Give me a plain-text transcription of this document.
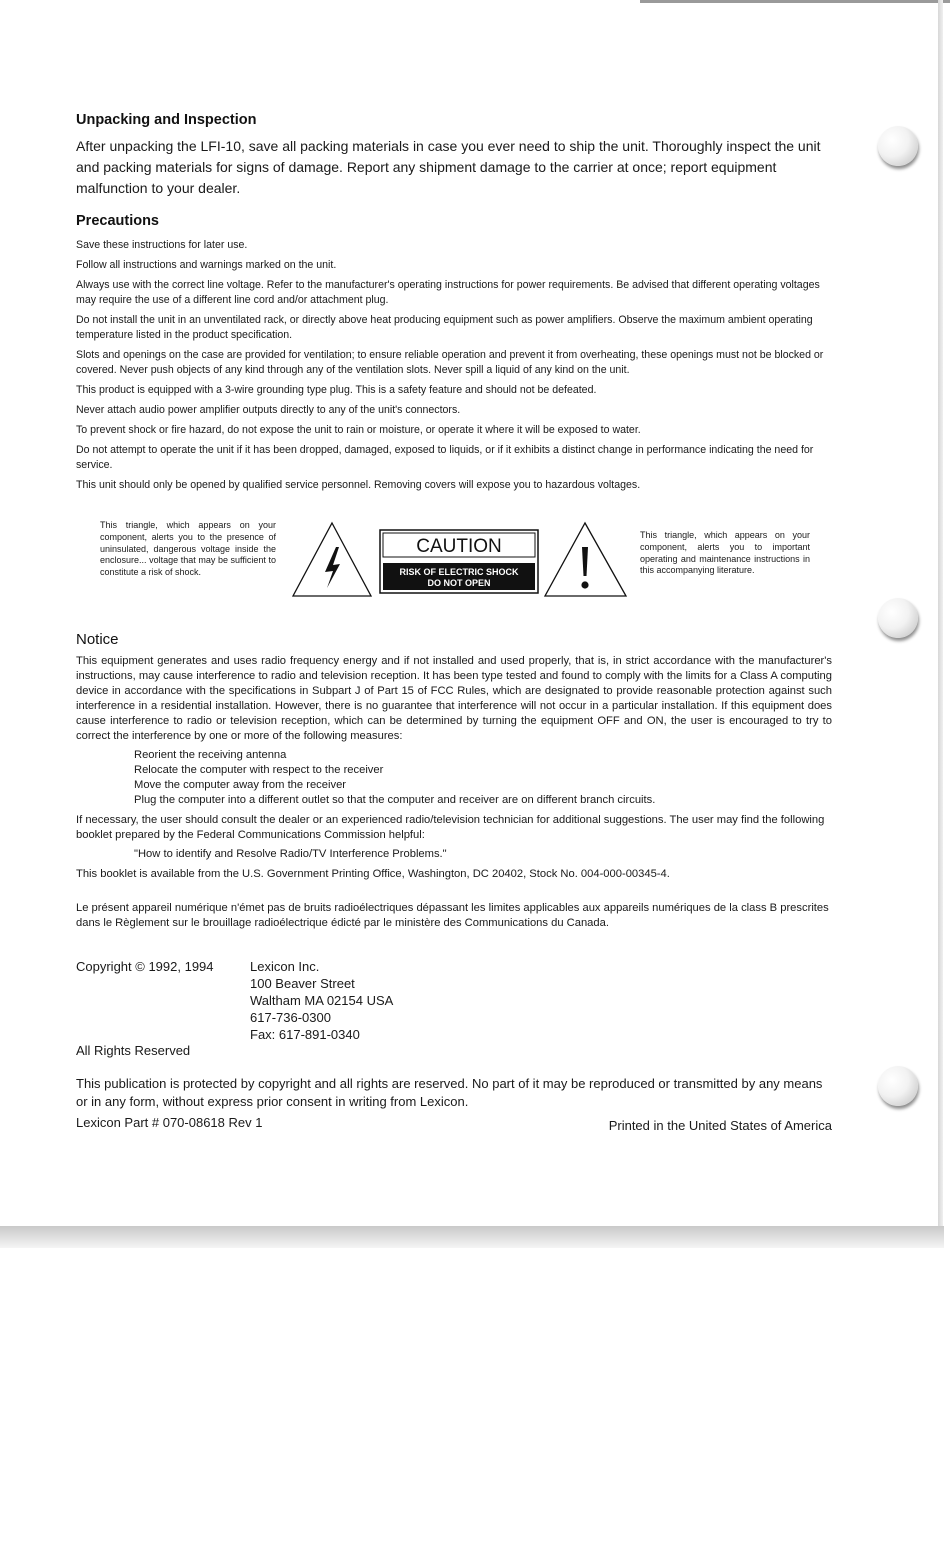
Unpacking and Inspection
After unpacking the LFI-10, save all packing materials in case you ever need to ship the unit. Thoroughly inspect the unit and packing materials for signs of damage. Report any shipment damage to the carrier at once; report equipment malfunction to your dealer.
Precautions
Save these instructions for later use.
Follow all instructions and warnings marked on the unit.
Always use with the correct line voltage. Refer to the manufacturer's operating instructions for power requirements. Be advised that different operating voltages may require the use of a different line cord and/or attachment plug.
Do not install the unit in an unventilated rack, or directly above heat producing equipment such as power amplifiers. Observe the maximum ambient operating temperature listed in the product specification.
Slots and openings on the case are provided for ventilation; to ensure reliable operation and prevent it from overheating, these openings must not be blocked or covered. Never push objects of any kind through any of the ventilation slots. Never spill a liquid of any kind on the unit.
This product is equipped with a 3-wire grounding type plug. This is a safety feature and should not be defeated.
Never attach audio power amplifier outputs directly to any of the unit's connectors.
To prevent shock or fire hazard, do not expose the unit to rain or moisture, or operate it where it will be exposed to water.
Do not attempt to operate the unit if it has been dropped, damaged, exposed to liquids, or if it exhibits a distinct change in performance indicating the need for service.
This unit should only be opened by qualified service personnel. Removing covers will expose you to hazardous voltages.
This triangle, which appears on your component, alerts you to the presence of uninsulated, dangerous voltage inside the enclosure... voltage that may be sufficient to constitute a risk of shock.
CAUTION
RISK OF ELECTRIC SHOCK
DO NOT OPEN
This triangle, which appears on your component, alerts you to important operating and maintenance instructions in this accompanying literature.
Notice
This equipment generates and uses radio frequency energy and if not installed and used properly, that is, in strict accordance with the manufacturer's instructions, may cause interference to radio and television reception. It has been type tested and found to comply with the limits for a Class A computing device in accordance with the specifications in Subpart J of Part 15 of FCC Rules, which are designated to provide reasonable protection against such interference in a residential installation. However, there is no guarantee that interference will not occur in a particular installation. If this equipment does cause interference to radio or television reception, which can be determined by turning the equipment OFF and ON, the user is encouraged to try to correct the interference by one or more of the following measures:
Reorient the receiving antenna
Relocate the computer with respect to the receiver
Move the computer away from the receiver
Plug the computer into a different outlet so that the computer and receiver are on different branch circuits.
If necessary, the user should consult the dealer or an experienced radio/television technician for additional suggestions. The user may find the following booklet prepared by the Federal Communications Commission helpful:
"How to identify and Resolve Radio/TV Interference Problems."
This booklet is available from the U.S. Government Printing Office, Washington, DC 20402, Stock No. 004-000-00345-4.
Le présent appareil numérique n'émet pas de bruits radioélectriques dépassant les limites applicables aux appareils numériques de la class B prescrites dans le Règlement sur le brouillage radioélectrique édicté par le ministère des Communications du Canada.
Copyright © 1992, 1994	Lexicon Inc.
100 Beaver Street
Waltham MA 02154 USA
617-736-0300
Fax: 617-891-0340
All Rights Reserved
This publication is protected by copyright and all rights are reserved. No part of it may be reproduced or transmitted by any means or in any form, without express prior consent in writing from Lexicon.
Lexicon Part # 070-08618 Rev 1	Printed in the United States of America
